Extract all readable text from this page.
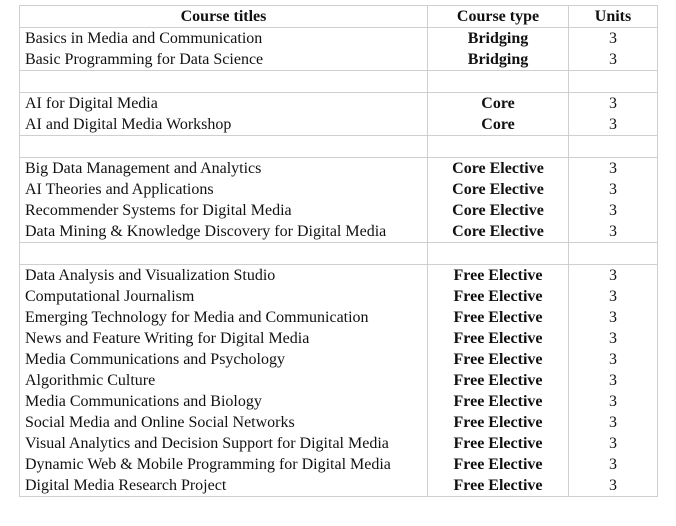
Course titles	Course type	Units
Basics in Media and Communication	Bridging	3
Basic Programming for Data Science	Bridging	3

AI for Digital Media	Core	3
AI and Digital Media Workshop	Core	3

Big Data Management and Analytics	Core Elective	3
AI Theories and Applications	Core Elective	3
Recommender Systems for Digital Media	Core Elective	3
Data Mining & Knowledge Discovery for Digital Media	Core Elective	3

Data Analysis and Visualization Studio	Free Elective	3
Computational Journalism	Free Elective	3
Emerging Technology for Media and Communication	Free Elective	3
News and Feature Writing for Digital Media	Free Elective	3
Media Communications and Psychology	Free Elective	3
Algorithmic Culture	Free Elective	3
Media Communications and Biology	Free Elective	3
Social Media and Online Social Networks	Free Elective	3
Visual Analytics and Decision Support for Digital Media	Free Elective	3
Dynamic Web & Mobile Programming for Digital Media	Free Elective	3
Digital Media Research Project	Free Elective	3
